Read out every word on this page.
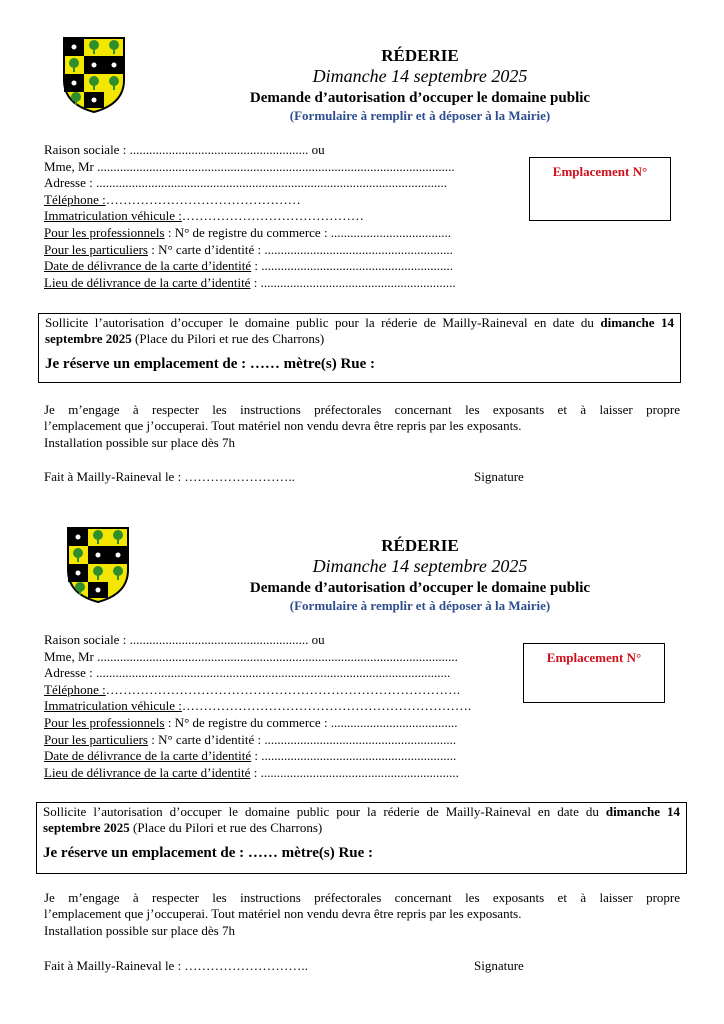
RÉDERIE
Dimanche 14 septembre 2025
Demande d’autorisation d’occuper le domaine public
(Formulaire à remplir et à déposer à la Mairie)
Raison sociale : ....................................................... ou
Mme, Mr ..............................................................................................................
Adresse : ............................................................................................................
Téléphone :………………………………………
Immatriculation véhicule :……………………………………
Pour les professionnels : N° de registre du commerce : .....................................
Pour les particuliers : N° carte d’identité : ..........................................................
Date de délivrance de la carte d’identité : ...........................................................
Lieu de délivrance de la carte d’identité : ............................................................
Emplacement N°
Sollicite l’autorisation d’occuper le domaine public pour la réderie de Mailly-Raineval en date du dimanche 14 septembre 2025 (Place du Pilori et rue des Charrons)
Je réserve un emplacement de : …… mètre(s) Rue :
Je m’engage à respecter les instructions préfectorales concernant les exposants et à laisser propre
l’emplacement que j’occuperai. Tout matériel non vendu devra être repris par les exposants.
Installation possible sur place dès 7h
Fait à Mailly-Raineval le : ……………………..	Signature
RÉDERIE
Dimanche 14 septembre 2025
Demande d’autorisation d’occuper le domaine public
(Formulaire à remplir et à déposer à la Mairie)
Raison sociale : ....................................................... ou
Mme, Mr ...............................................................................................................
Adresse : .............................................................................................................
Téléphone :……………………………………………………………………….
Immatriculation véhicule :………………………………………………………….
Pour les professionnels : N° de registre du commerce : .......................................
Pour les particuliers : N° carte d’identité : ...........................................................
Date de délivrance de la carte d’identité : ............................................................
Lieu de délivrance de la carte d’identité : .............................................................
Emplacement N°
Sollicite l’autorisation d’occuper le domaine public pour la réderie de Mailly-Raineval en date du dimanche 14 septembre 2025 (Place du Pilori et rue des Charrons)
Je réserve un emplacement de : …… mètre(s) Rue :
Je m’engage à respecter les instructions préfectorales concernant les exposants et à laisser propre
l’emplacement que j’occuperai. Tout matériel non vendu devra être repris par les exposants.
Installation possible sur place dès 7h
Fait à Mailly-Raineval le : ………………………..	Signature
